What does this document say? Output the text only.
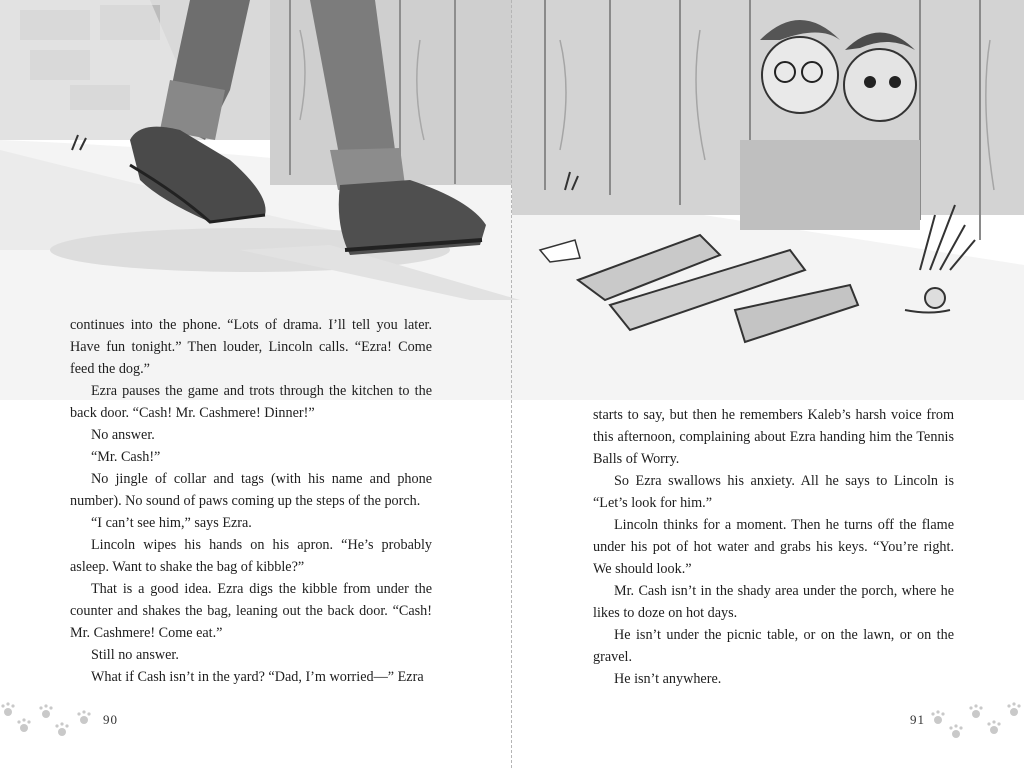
continues into the phone. “Lots of drama. I’ll tell you later. Have fun tonight.” Then louder, Lincoln calls. “Ezra! Come feed the dog.”

Ezra pauses the game and trots through the kitchen to the back door. “Cash! Mr. Cashmere! Dinner!”

No answer.

“Mr. Cash!”

No jingle of collar and tags (with his name and phone number). No sound of paws coming up the steps of the porch.

“I can’t see him,” says Ezra.

Lincoln wipes his hands on his apron. “He’s probably asleep. Want to shake the bag of kibble?”

That is a good idea. Ezra digs the kibble from under the counter and shakes the bag, leaning out the back door. “Cash! Mr. Cashmere! Come eat.”

Still no answer.

What if Cash isn’t in the yard? “Dad, I’m worried—” Ezra

starts to say, but then he remembers Kaleb’s harsh voice from this afternoon, complaining about Ezra handing him the Tennis Balls of Worry.

So Ezra swallows his anxiety. All he says to Lincoln is “Let’s look for him.”

Lincoln thinks for a moment. Then he turns off the flame under his pot of hot water and grabs his keys. “You’re right. We should look.”

Mr. Cash isn’t in the shady area under the porch, where he likes to doze on hot days.

He isn’t under the picnic table, or on the lawn, or on the gravel.

He isn’t anywhere.

90	91
